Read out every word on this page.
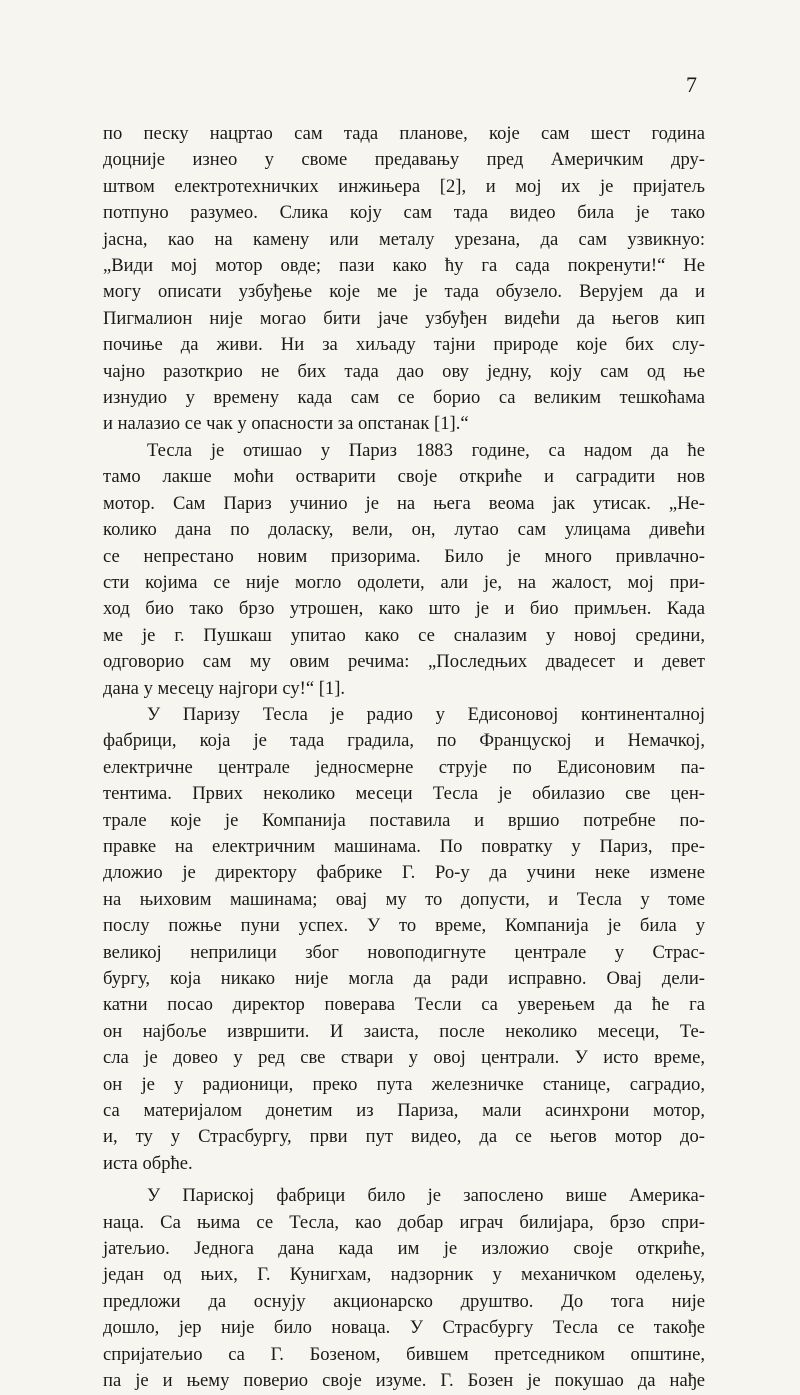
7

по песку нацртао сам тада планове, које сам шест година
доцније изнео у своме предавању пред Америчким дру-
штвом електротехничких инжињера [2], и мој их је пријатељ
потпуно разумео. Слика коју сам тада видео била је тако
јасна, као на камену или металу урезана, да сам узвикнуо:
„Види мој мотор овде; пази како ћу га сада покренути!“ Не
могу описати узбуђење које ме је тада обузело. Верујем да и
Пигмалион није могао бити јаче узбуђен видећи да његов кип
почиње да живи. Ни за хиљаду тајни природе које бих слу-
чајно разоткрио не бих тада дао ову једну, коју сам од ње
изнудио у времену када сам се борио са великим тешкоћама
и налазио се чак у опасности за опстанак [1].“

Тесла је отишао у Париз 1883 године, са надом да ће
тамо лакше моћи остварити своје откриће и саградити нов
мотор. Сам Париз учинио је на њега веома јак утисак. „Не-
колико дана по доласку, вели, он, лутао сам улицама дивећи
се непрестано новим призорима. Било је много привлачно-
сти којима се није могло одолети, али је, на жалост, мој при-
ход био тако брзо утрошен, како што је и био примљен. Када
ме је г. Пушкаш упитао како се сналазим у новој средини,
одговорио сам му овим речима: „Последњих двадесет и девет
дана у месецу најгори су!“ [1].

У Паризу Тесла је радио у Едисоновој континенталној
фабрици, која је тада градила, по Француској и Немачкој,
електричне централе једносмерне струје по Едисоновим па-
тентима. Првих неколико месеци Тесла је обилазио све цен-
трале које је Компанија поставила и вршио потребне по-
правке на електричним машинама. По повратку у Париз, пре-
дложио је директору фабрике Г. Ро-у да учини неке измене
на њиховим машинама; овај му то допусти, и Тесла у томе
послу пожње пуни успех. У то време, Компанија је била у
великој неприлици због новоподигнуте централе у Страс-
бургу, која никако није могла да ради исправно. Овај дели-
катни посао директор поверава Тесли са уверењем да ће га
он најбоље извршити. И заиста, после неколико месеци, Те-
сла је довео у ред све ствари у овој централи. У исто време,
он је у радионици, преко пута железничке станице, саградио,
са материјалом донетим из Париза, мали асинхрони мотор,
и, ту у Страсбургу, први пут видео, да се његов мотор до-
иста обрће.

У Париској фабрици било је запослено више Америка-
наца. Са њима се Тесла, као добар играч билијара, брзо спри-
јатељио. Једнога дана када им је изложио своје откриће,
један од њих, Г. Кунигхам, надзорник у механичком оделењу,
предложи да оснују акционарско друштво. До тога није
дошло, јер није било новаца. У Страсбургу Тесла се такође
спријатељио са Г. Бозеном, бившем претседником општине,
па је и њему поверио своје изуме. Г. Бозен је покушао да нађе
